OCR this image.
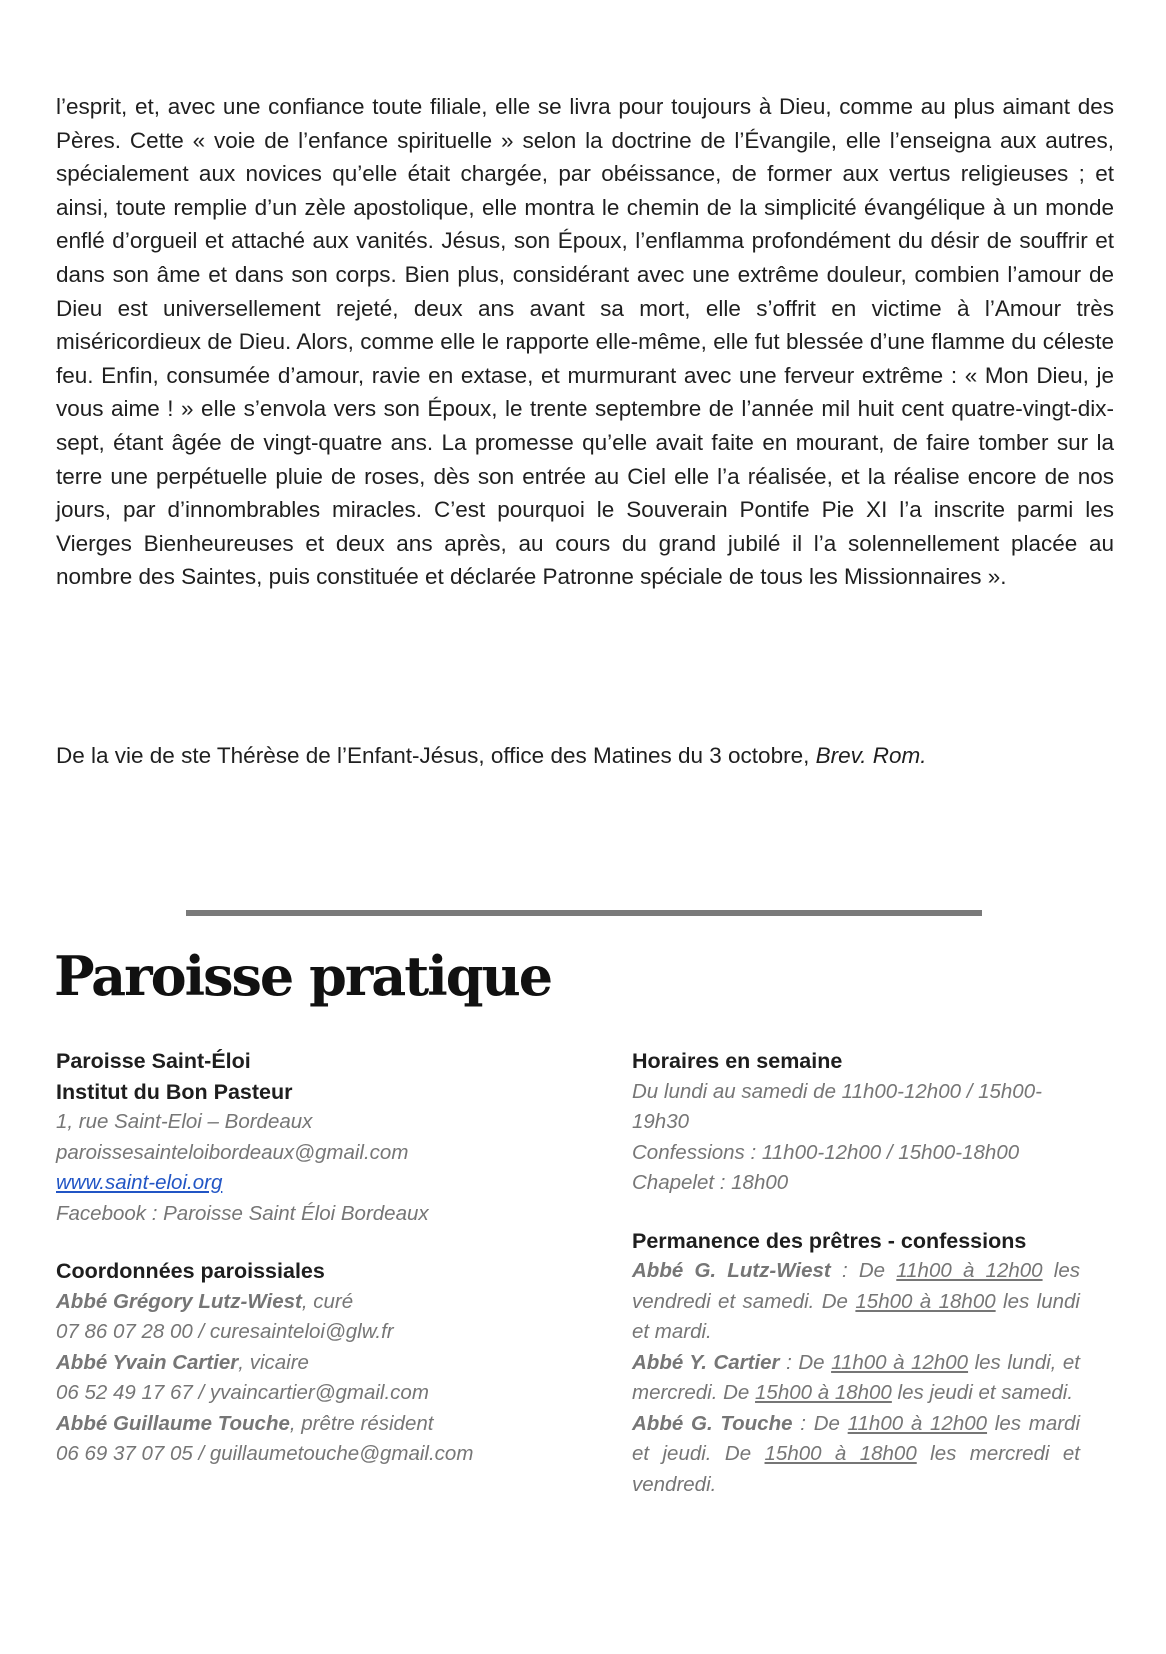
l’esprit, et, avec une confiance toute filiale, elle se livra pour toujours à Dieu, comme au plus aimant des Pères. Cette « voie de l’enfance spirituelle » selon la doctrine de l’Évangile, elle l’enseigna aux autres, spécialement aux novices qu’elle était chargée, par obéissance, de former aux vertus religieuses ; et ainsi, toute remplie d’un zèle apostolique, elle montra le chemin de la simplicité évangélique à un monde enflé d’orgueil et attaché aux vanités. Jésus, son Époux, l’enflamma profondément du désir de souffrir et dans son âme et dans son corps. Bien plus, considérant avec une extrême douleur, combien l’amour de Dieu est universellement rejeté, deux ans avant sa mort, elle s’offrit en victime à l’Amour très miséricordieux de Dieu. Alors, comme elle le rapporte elle-même, elle fut blessée d’une flamme du céleste feu. Enfin, consumée d’amour, ravie en extase, et murmurant avec une ferveur extrême : « Mon Dieu, je vous aime ! » elle s’envola vers son Époux, le trente septembre de l’année mil huit cent quatre-vingt-dix-sept, étant âgée de vingt-quatre ans. La promesse qu’elle avait faite en mourant, de faire tomber sur la terre une perpétuelle pluie de roses, dès son entrée au Ciel elle l’a réalisée, et la réalise encore de nos jours, par d’innombrables miracles. C’est pourquoi le Souverain Pontife Pie XI l’a inscrite parmi les Vierges Bienheureuses et deux ans après, au cours du grand jubilé il l’a solennellement placée au nombre des Saintes, puis constituée et déclarée Patronne spéciale de tous les Missionnaires ».

De la vie de ste Thérèse de l’Enfant-Jésus, office des Matines du 3 octobre, Brev. Rom.

Paroisse pratique
Paroisse Saint-Éloi
Institut du Bon Pasteur
1, rue Saint-Eloi – Bordeaux
paroissesainteloibordeaux@gmail.com
www.saint-eloi.org
Facebook : Paroisse Saint Éloi Bordeaux
Coordonnées paroissiales
Abbé Grégory Lutz-Wiest, curé
07 86 07 28 00 / curesainteloi@glw.fr
Abbé Yvain Cartier, vicaire
06 52 49 17 67 / yvaincartier@gmail.com
Abbé Guillaume Touche, prêtre résident
06 69 37 07 05 / guillaumetouche@gmail.com
Horaires en semaine
Du lundi au samedi de 11h00-12h00 / 15h00-19h30
Confessions : 11h00-12h00 / 15h00-18h00
Chapelet : 18h00
Permanence des prêtres - confessions
Abbé G. Lutz-Wiest : De 11h00 à 12h00 les vendredi et samedi. De 15h00 à 18h00 les lundi et mardi.
Abbé Y. Cartier : De 11h00 à 12h00 les lundi, et mercredi. De 15h00 à 18h00 les jeudi et samedi.
Abbé G. Touche : De 11h00 à 12h00 les mardi et jeudi. De 15h00 à 18h00 les mercredi et vendredi.
